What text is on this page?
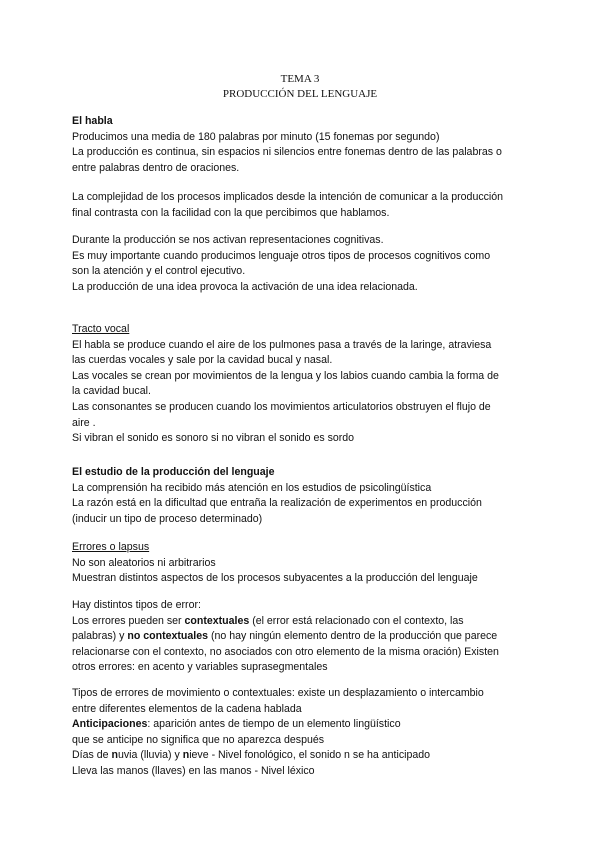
TEMA 3
PRODUCCIÓN DEL LENGUAJE

El habla

Producimos una media de 180 palabras por minuto (15 fonemas por segundo)

La producción es continua, sin espacios ni silencios entre fonemas dentro de las palabras o

entre palabras dentro de oraciones.

La complejidad de los procesos implicados desde la intención de comunicar a la producción

final contrasta con la facilidad con la que percibimos que hablamos.

Durante la producción se nos activan representaciones cognitivas.

Es muy importante cuando producimos lenguaje otros tipos de procesos cognitivos como

son la atención y el control ejecutivo.

La producción de una idea provoca la activación de una idea relacionada.

Tracto vocal

El habla se produce cuando el aire de los pulmones pasa a través de la laringe, atraviesa

las cuerdas vocales y sale por la cavidad bucal y nasal.

Las vocales se crean por movimientos de la lengua y los labios cuando cambia la forma de

la cavidad bucal.

Las consonantes se producen cuando los movimientos articulatorios obstruyen el flujo de

aire .

Si vibran el sonido es sonoro si no vibran el sonido es sordo

El estudio de la producción del lenguaje

La comprensión ha recibido más atención en los estudios de psicolingüística

La razón está en la dificultad que entraña la realización de experimentos en producción

(inducir un tipo de proceso determinado)

Errores o lapsus

No son aleatorios ni arbitrarios

Muestran distintos aspectos de los procesos subyacentes a la producción del lenguaje

Hay distintos tipos de error:

Los errores pueden ser contextuales (el error está relacionado con el contexto, las

palabras) y no contextuales (no hay ningún elemento dentro de la producción que parece

relacionarse con el contexto, no asociados con otro elemento de la misma oración) Existen

otros errores: en acento y variables suprasegmentales

Tipos de errores de movimiento o contextuales: existe un desplazamiento o intercambio

entre diferentes elementos de la cadena hablada

Anticipaciones: aparición antes de tiempo de un elemento lingüístico

que se anticipe no significa que no aparezca después

Días de nuvia (lluvia) y nieve - Nivel fonológico, el sonido n se ha anticipado

Lleva las manos (llaves) en las manos - Nivel léxico
